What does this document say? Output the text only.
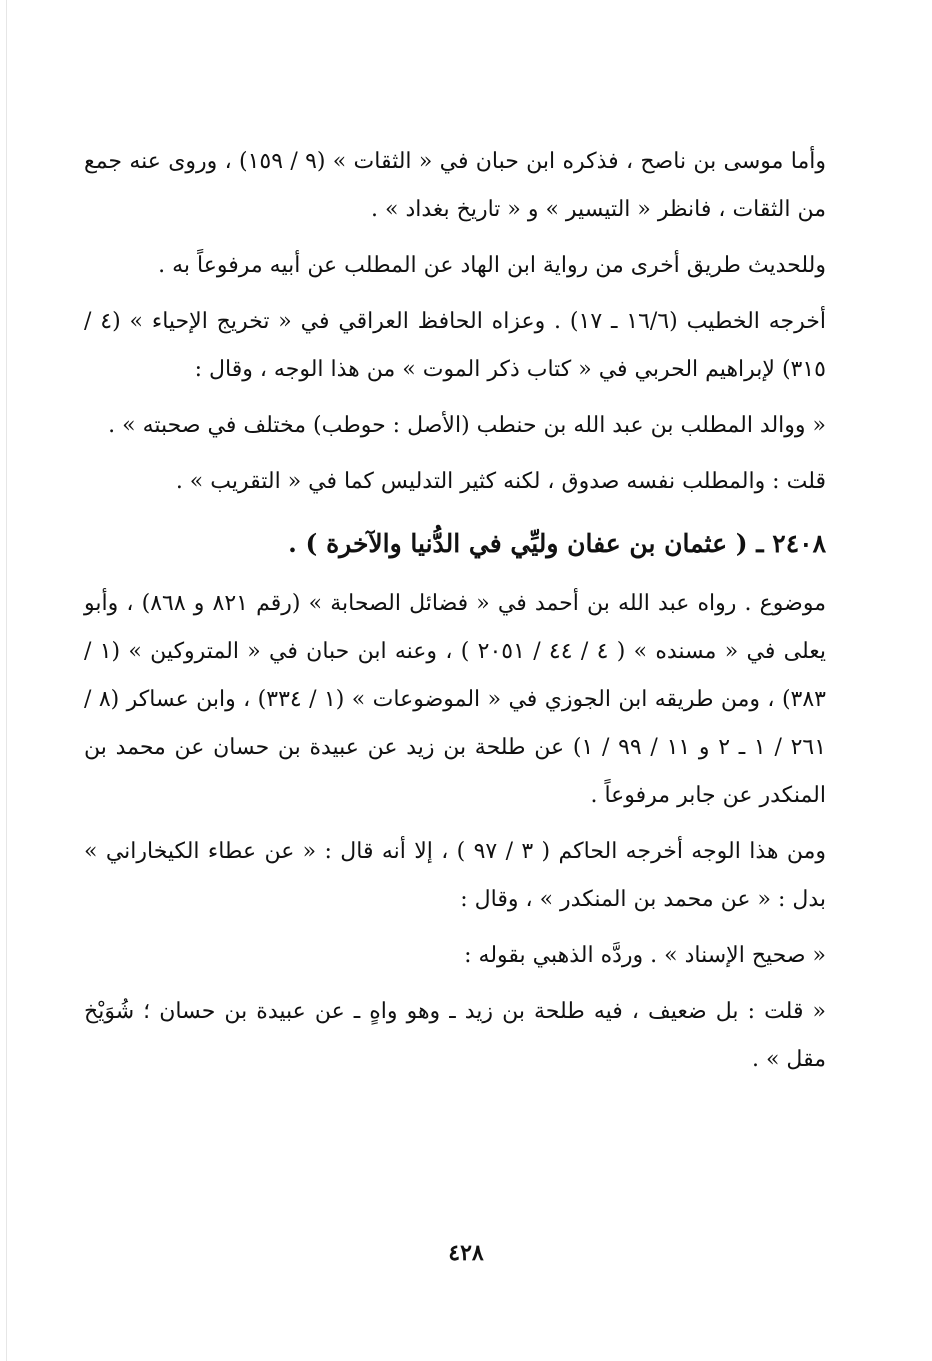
وأما موسى بن ناصح ، فذكره ابن حبان في « الثقات » (٩ / ١٥٩) ، وروى عنه جمع من الثقات ، فانظر « التيسير » و « تاريخ بغداد » .

وللحديث طريق أخرى من رواية ابن الهاد عن المطلب عن أبيه مرفوعاً به .

أخرجه الخطيب (١٦/٦ ـ ١٧) . وعزاه الحافظ العراقي في « تخريج الإحياء » (٤ / ٣١٥) لإبراهيم الحربي في « كتاب ذكر الموت » من هذا الوجه ، وقال :

« ووالد المطلب بن عبد الله بن حنطب (الأصل : حوطب) مختلف في صحبته » .

قلت : والمطلب نفسه صدوق ، لكنه كثير التدليس كما في « التقريب » .

٢٤٠٨ ـ ( عثمان بن عفان وليِّي في الدُّنيا والآخرة ) .

موضوع . رواه عبد الله بن أحمد في « فضائل الصحابة » (رقم ٨٢١ و ٨٦٨) ، وأبو يعلى في « مسنده » ( ٤ / ٤٤ / ٢٠٥١ ) ، وعنه ابن حبان في « المتروكين » (١ / ٣٨٣) ، ومن طريقه ابن الجوزي في « الموضوعات » (١ / ٣٣٤) ، وابن عساكر (٨ / ٢٦١ / ١ ـ ٢ و ١١ / ٩٩ / ١) عن طلحة بن زيد عن عبيدة بن حسان عن محمد بن المنكدر عن جابر مرفوعاً .

ومن هذا الوجه أخرجه الحاكم ( ٣ / ٩٧ ) ، إلا أنه قال : « عن عطاء الكيخاراني » بدل : « عن محمد بن المنكدر » ، وقال :

« صحيح الإسناد » . وردَّه الذهبي بقوله :

« قلت : بل ضعيف ، فيه طلحة بن زيد ـ وهو واهٍ ـ عن عبيدة بن حسان ؛ شُوَيْخ مقل » .

٤٢٨
